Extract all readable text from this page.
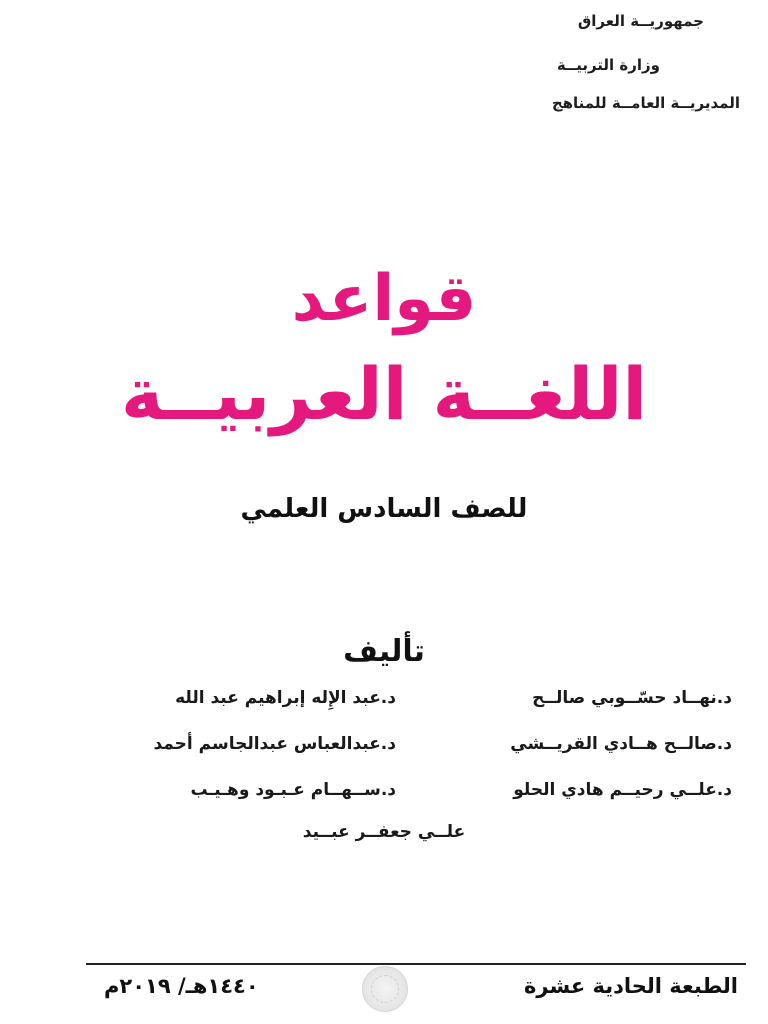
جمهوريــة العراق
وزارة التربيــة
المديريــة العامــة للمناهج
قواعد
اللغــة العربيــة
للصف السادس العلمي
تأليف
د.نهــاد حسّــوبي صالــح
د.عبد الإِله إبراهيم عبد الله
د.صالــح هــادي القريــشي
د.عبدالعباس عبدالجاسم أحمد
د.علــي رحيــم هادي الحلو
د.ســهــام عـبـود وهـيـب
علــي جعفــر عبــيد
الطبعة الحادية عشرة
١٤٤٠هـ/ ٢٠١٩م
